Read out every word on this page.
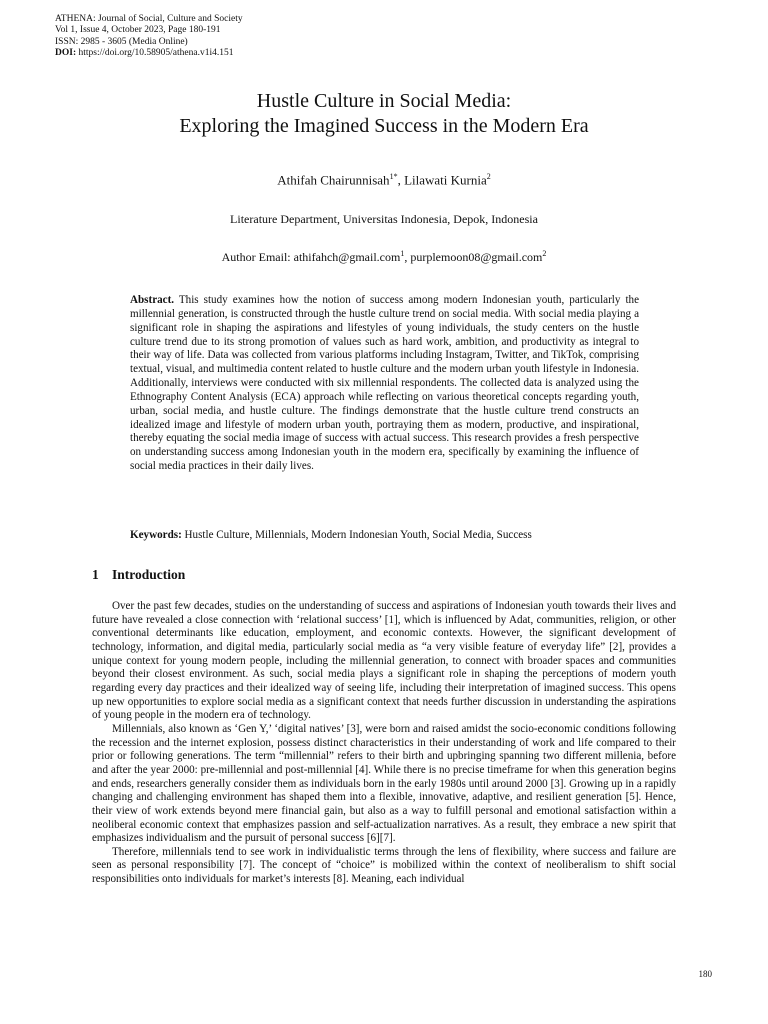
ATHENA: Journal of Social, Culture and Society
Vol 1, Issue 4, October 2023, Page 180-191
ISSN: 2985 - 3605 (Media Online)
DOI: https://doi.org/10.58905/athena.v1i4.151
Hustle Culture in Social Media:
Exploring the Imagined Success in the Modern Era
Athifah Chairunnisah$^{1*}$, Lilawati Kurnia$^2$
Literature Department, Universitas Indonesia, Depok, Indonesia
Author Email: athifahch@gmail.com$^1$, purplemoon08@gmail.com$^2$
Abstract. This study examines how the notion of success among modern Indonesian youth, particularly the millennial generation, is constructed through the hustle culture trend on social media. With social media playing a significant role in shaping the aspirations and lifestyles of young individuals, the study centers on the hustle culture trend due to its strong promotion of values such as hard work, ambition, and productivity as integral to their way of life. Data was collected from various platforms including Instagram, Twitter, and TikTok, comprising textual, visual, and multimedia content related to hustle culture and the modern urban youth lifestyle in Indonesia. Additionally, interviews were conducted with six millennial respondents. The collected data is analyzed using the Ethnography Content Analysis (ECA) approach while reflecting on various theoretical concepts regarding youth, urban, social media, and hustle culture. The findings demonstrate that the hustle culture trend constructs an idealized image and lifestyle of modern urban youth, portraying them as modern, productive, and inspirational, thereby equating the social media image of success with actual success. This research provides a fresh perspective on understanding success among Indonesian youth in the modern era, specifically by examining the influence of social media practices in their daily lives.
Keywords: Hustle Culture, Millennials, Modern Indonesian Youth, Social Media, Success
1 Introduction

Over the past few decades, studies on the understanding of success and aspirations of Indonesian youth towards their lives and future have revealed a close connection with ‘relational success’ [1], which is influenced by Adat, communities, religion, or other conventional determinants like education, employment, and economic contexts. However, the significant development of technology, information, and digital media, particularly social media as “a very visible feature of everyday life” [2], provides a unique context for young modern people, including the millennial generation, to connect with broader spaces and communities beyond their closest environment. As such, social media plays a significant role in shaping the perceptions of modern youth regarding every day practices and their idealized way of seeing life, including their interpretation of imagined success. This opens up new opportunities to explore social media as a significant context that needs further discussion in understanding the aspirations of young people in the modern era of technology.

Millennials, also known as ‘Gen Y,’ ‘digital natives’ [3], were born and raised amidst the socio-economic conditions following the recession and the internet explosion, possess distinct characteristics in their understanding of work and life compared to their prior or following generations. The term “millennial” refers to their birth and upbringing spanning two different millenia, before and after the year 2000: pre-millennial and post-millennial [4]. While there is no precise timeframe for when this generation begins and ends, researchers generally consider them as individuals born in the early 1980s until around 2000 [3]. Growing up in a rapidly changing and challenging environment has shaped them into a flexible, innovative, adaptive, and resilient generation [5]. Hence, their view of work extends beyond mere financial gain, but also as a way to fulfill personal and emotional satisfaction within a neoliberal economic context that emphasizes passion and self-actualization narratives. As a result, they embrace a new spirit that emphasizes individualism and the pursuit of personal success [6][7].

Therefore, millennials tend to see work in individualistic terms through the lens of flexibility, where success and failure are seen as personal responsibility [7]. The concept of “choice” is mobilized within the context of neoliberalism to shift social responsibilities onto individuals for market’s interests [8]. Meaning, each individual

180
